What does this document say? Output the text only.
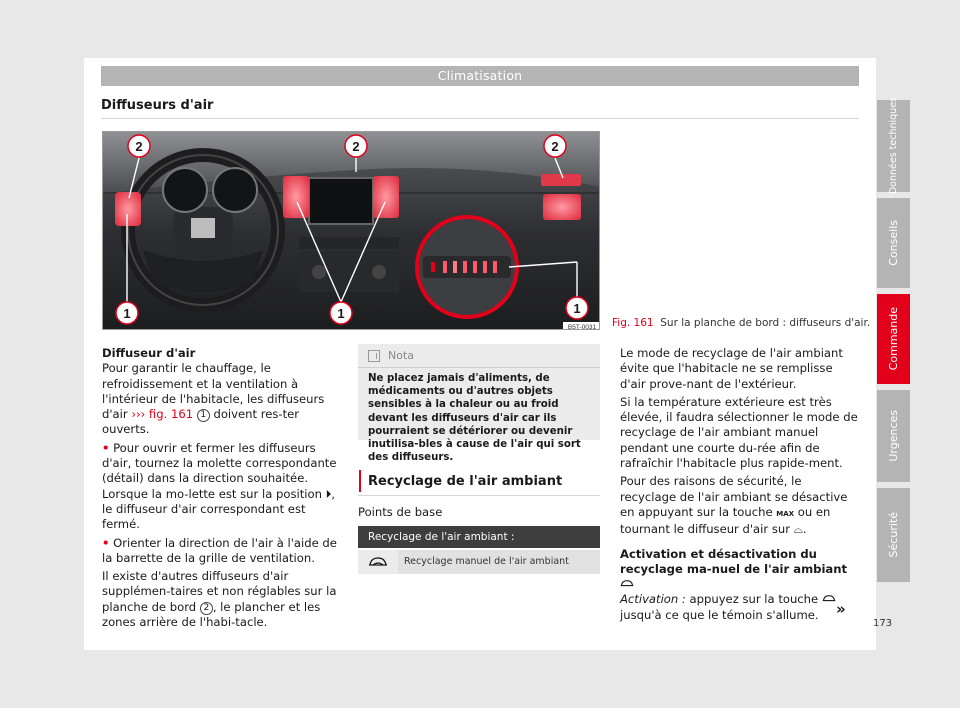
Climatisation
Diffuseurs d'air	Données techniques
Conseils
Commande
Urgences
Sécurité
2	2	2
1	1	1
B5T-0031 Fig. 161 Sur la planche de bord : diffuseurs d'air.
Diffuseur d'air
Pour garantir le chauffage, le refroidissement et la ventilation à l'intérieur de l'habitacle, les diffuseurs d'air ››› fig. 161 1 doivent res-ter ouverts.
• Pour ouvrir et fermer les diffuseurs d'air, tournez la molette correspondante (détail) dans la direction souhaitée. Lorsque la mo-lette est sur la position ⏵, le diffuseur d'air correspondant est fermé.
• Orienter la direction de l'air à l'aide de la barrette de la grille de ventilation.
Il existe d'autres diffuseurs d'air supplémen-taires et non réglables sur la planche de bord 2 , le plancher et les zones arrière de l'habi-tacle.
Nota
Ne placez jamais d'aliments, de médicaments ou d'autres objets sensibles à la chaleur ou au froid devant les diffuseurs d'air car ils pourraient se détériorer ou devenir inutilisa-bles à cause de l'air qui sort des diffuseurs.
Recyclage de l'air ambiant
Points de base
Recyclage de l'air ambiant :
Recyclage manuel de l'air ambiant
Le mode de recyclage de l'air ambiant évite que l'habitacle ne se remplisse d'air prove-nant de l'extérieur.
Si la température extérieure est très élevée, il faudra sélectionner le mode de recyclage de l'air ambiant manuel pendant une courte du-rée afin de rafraîchir l'habitacle plus rapide-ment.
Pour des raisons de sécurité, le recyclage de l'air ambiant se désactive en appuyant sur la touche MAX ou en tournant le diffuseur d'air sur ⌓.
Activation et désactivation du recyclage ma-nuel de l'air ambiant
Activation : appuyez sur la touche  jusqu'à ce que le témoin s'allume.	»
173
